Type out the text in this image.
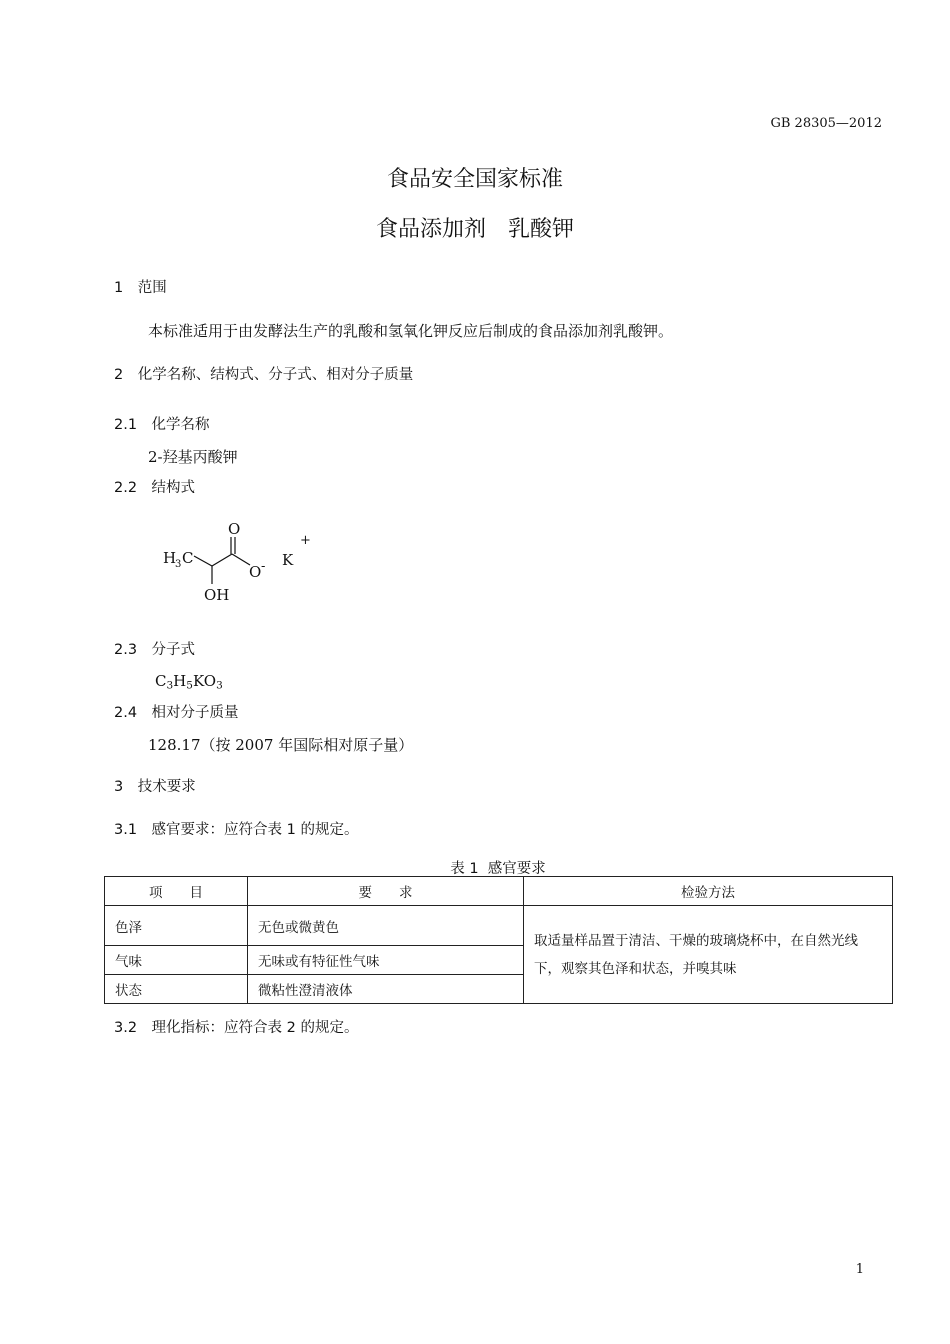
GB 28305—2012
食品安全国家标准
食品添加剂　乳酸钾
1　范围
本标准适用于由发酵法生产的乳酸和氢氧化钾反应后制成的食品添加剂乳酸钾。
2　化学名称、结构式、分子式、相对分子质量
2.1　化学名称
2-羟基丙酸钾
2.2　结构式
O
H
3 C
O - K
+
OH
2.3　分子式
$C_3H_5KO_3$
2.4　相对分子质量
128.17（按 2007 年国际相对原子量）
3　技术要求
3.1　感官要求：应符合表 1 的规定。
表 1  感官要求
项　　目	要　　求	检验方法
色泽	无色或微黄色	取适量样品置于清洁、干燥的玻璃烧杯中，在自然光线下，观察其色泽和状态，并嗅其味
气味	无味或有特征性气味	
状态	微粘性澄清液体	
3.2　理化指标：应符合表 2 的规定。
1
